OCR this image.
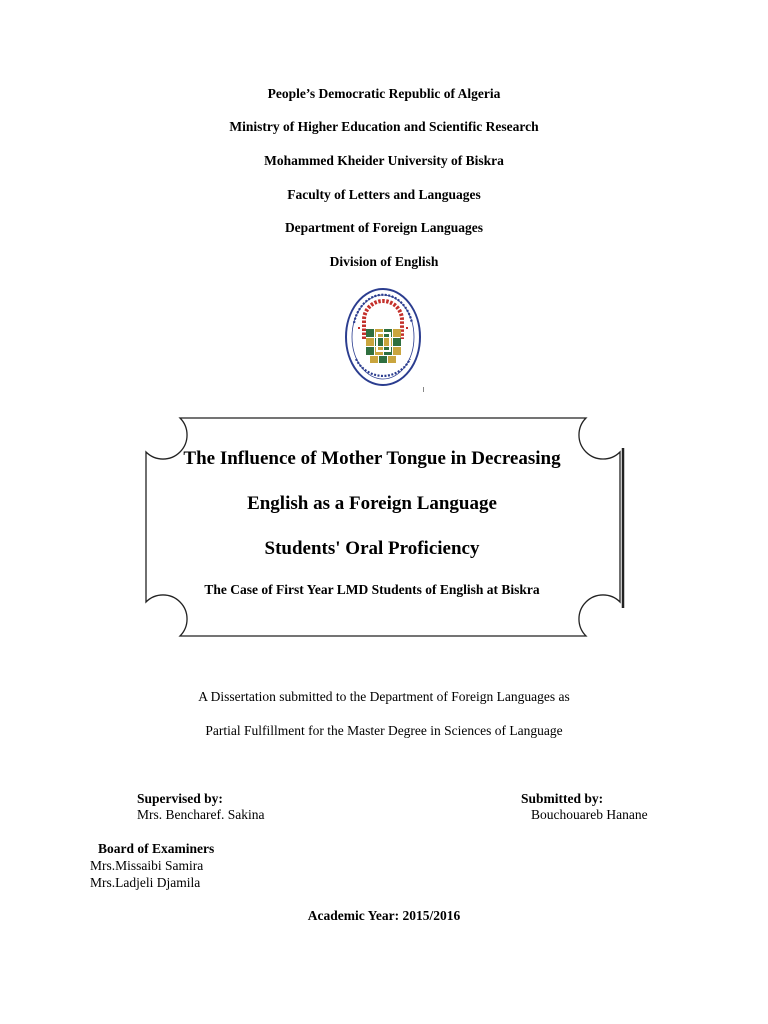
People’s Democratic Republic of Algeria
Ministry of Higher Education and Scientific Research
Mohammed Kheider University of Biskra
Faculty of Letters and Languages
Department of Foreign Languages
Division of English
The Influence of Mother Tongue in Decreasing
English as a Foreign Language
Students' Oral Proficiency
The Case of First Year LMD Students of English at Biskra
A Dissertation submitted to the Department of Foreign Languages as
Partial Fulfillment for the Master Degree in Sciences of Language
Supervised by:
Mrs. Bencharef. Sakina
Submitted by:
Bouchouareb Hanane
Board of Examiners
Mrs.Missaibi Samira
Mrs.Ladjeli Djamila
Academic Year: 2015/2016
